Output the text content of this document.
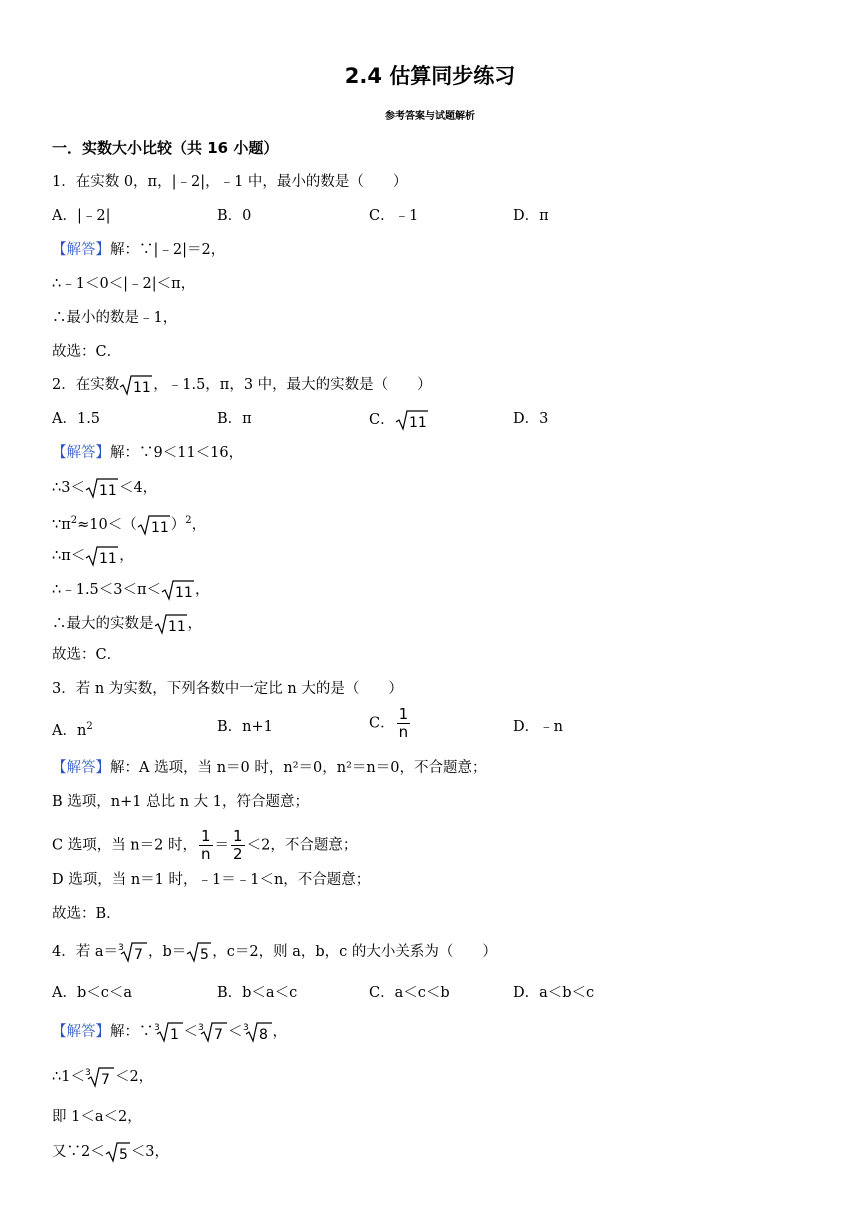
2.4 估算同步练习
参考答案与试题解析
一．实数大小比较（共 16 小题）
1．在实数 0，π，|﹣2|，﹣1 中，最小的数是（　　）
A．|﹣2|	B．0	C．﹣1	D．π
【解答】解：∵|﹣2|＝2，
∴﹣1＜0＜|﹣2|＜π，
∴最小的数是﹣1，
故选：C．
2．在实数 11 ，﹣1.5，π，3 中，最大的实数是（　　）
A．1.5	B．π	C． 11	D．3
【解答】解：∵9＜11＜16，
∴3＜ 11 ＜4，
$\because\pi^2\approx 10<$（ 11 ）$^2$，
∴π＜ 11 ，
∴﹣1.5＜3＜π＜ 11 ，
∴最大的实数是 11 ，
故选：C．
3．若 n 为实数，下列各数中一定比 n 大的是（　　）
A．$n^2$	B．n+1	C． $\frac{1}{n}$	D．﹣n
【解答】解：A 选项，当 n＝0 时，n²＝0，n²＝n＝0，不合题意；
B 选项，n+1 总比 n 大 1，符合题意；
C 选项，当 n＝2 时， $\frac{1}{n} = \frac{1}{2} <2$，不合题意；
D 选项，当 n＝1 时，﹣1＝﹣1＜n，不合题意；
故选：B．
4．若 a＝ 3 7 ，b＝ 5 ，c＝2，则 a，b，c 的大小关系为（　　）
A．b＜c＜a	B．b＜a＜c	C．a＜c＜b	D．a＜b＜c
【解答】解：∵ 3 1 ＜ 3 7 ＜ 3 8 ，
∴1＜ 3 7 ＜2，
即 1＜a＜2，
又∵2＜ 5 ＜3，
